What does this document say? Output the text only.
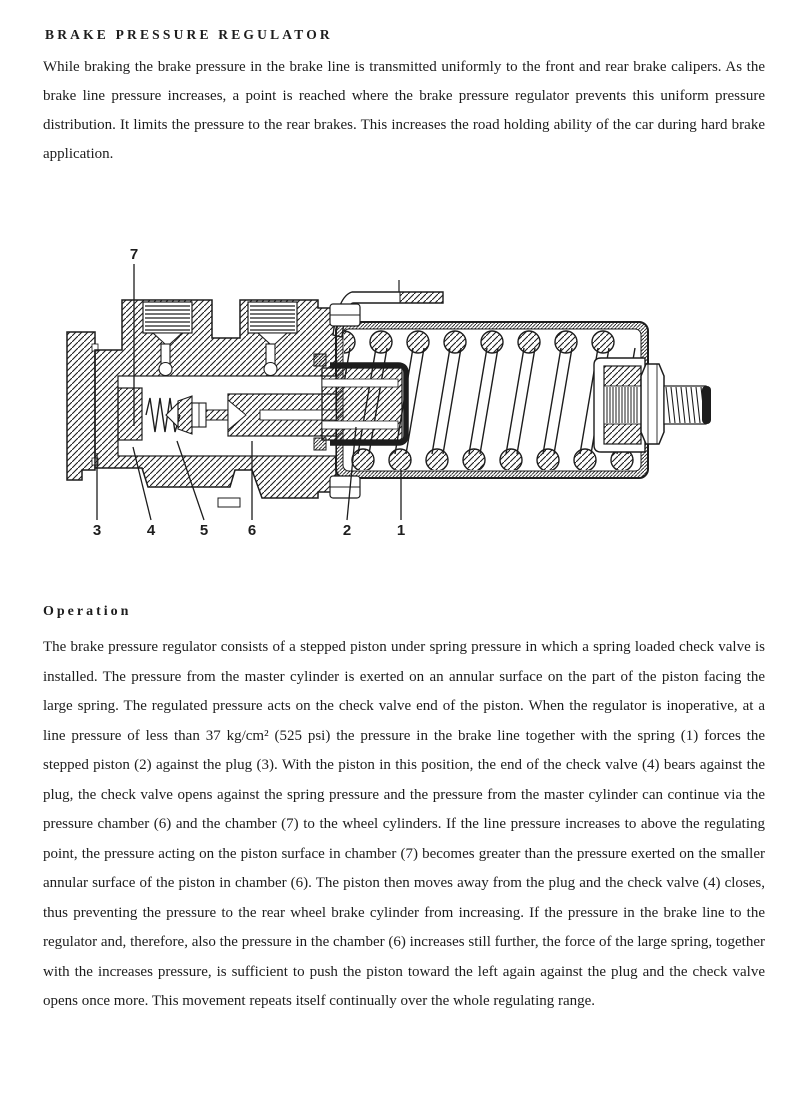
BRAKE PRESSURE REGULATOR

While braking the brake pressure in the brake line is transmitted uniformly to the front and rear brake calipers. As the brake line pressure increases, a point is reached where the brake pressure regulator prevents this uniform pressure distribution. It limits the pressure to the rear brakes. This increases the road holding ability of the car during hard brake application.

7
3	4	5	6	2	1
Operation

The brake pressure regulator consists of a stepped piston under spring pressure in which a spring loaded check valve is installed. The pressure from the master cylinder is exerted on an annular surface on the part of the piston facing the large spring. The regulated pressure acts on the check valve end of the piston. When the regulator is inoperative, at a line pressure of less than 37 kg/cm² (525 psi) the pressure in the brake line together with the spring (1) forces the stepped piston (2) against the plug (3). With the piston in this position, the end of the check valve (4) bears against the plug, the check valve opens against the spring pressure and the pressure from the master cylinder can continue via the pressure chamber (6) and the chamber (7) to the wheel cylinders. If the line pressure increases to above the regulating point, the pressure acting on the piston surface in chamber (7) becomes greater than the pressure exerted on the smaller annular surface of the piston in chamber (6). The piston then moves away from the plug and the check valve (4) closes, thus preventing the pressure to the rear wheel brake cylinder from increasing. If the pressure in the brake line to the regulator and, therefore, also the pressure in the chamber (6) increases still further, the force of the large spring, together with the increases pressure, is sufficient to push the piston toward the left again against the plug and the check valve opens once more. This movement repeats itself continually over the whole regulating range.
